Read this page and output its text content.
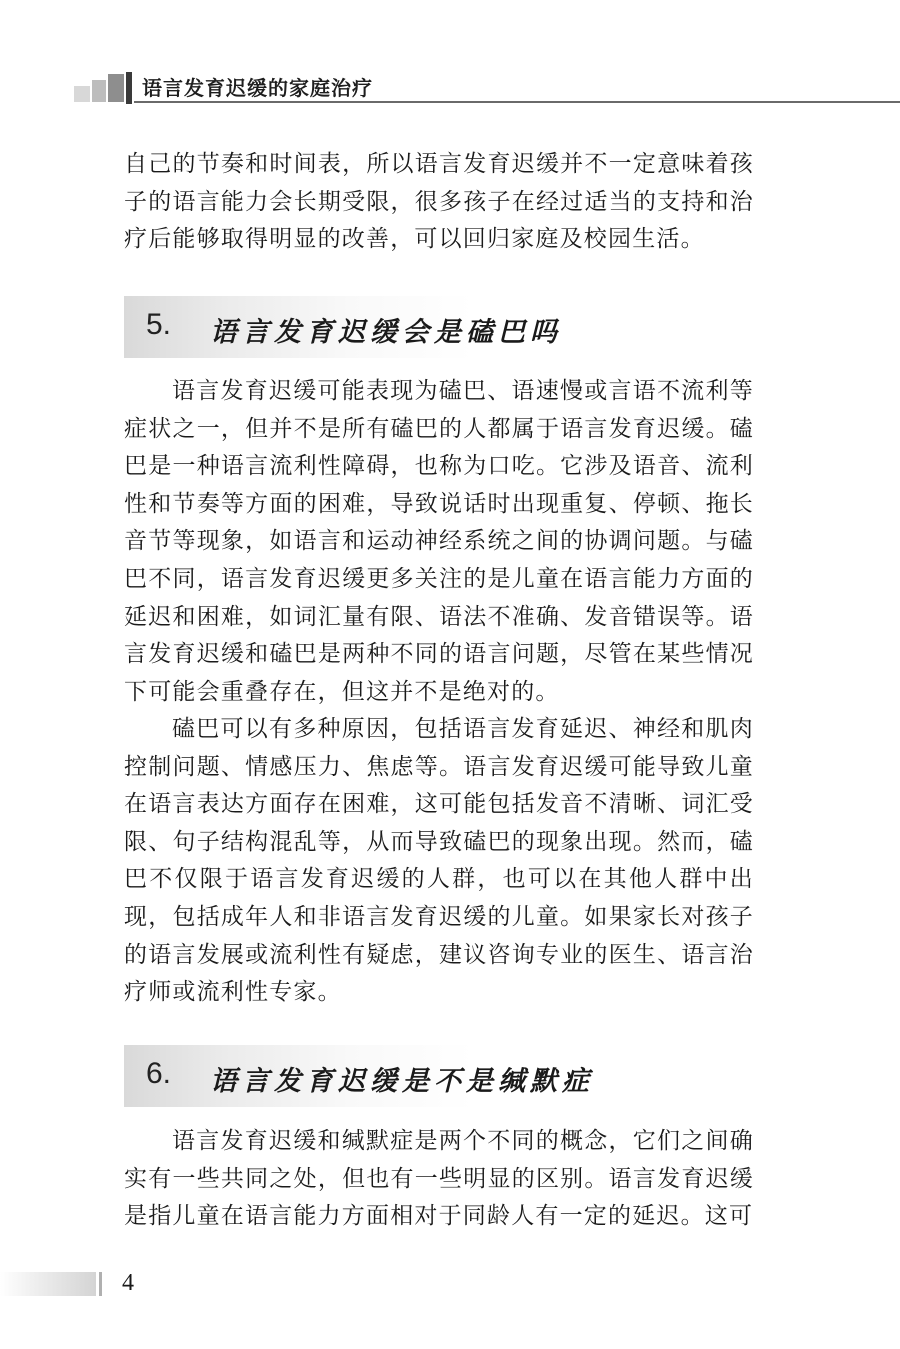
语言发育迟缓的家庭治疗

自己的节奏和时间表，所以语言发育迟缓并不一定意味着孩子的语言能力会长期受限，很多孩子在经过适当的支持和治疗后能够取得明显的改善，可以回归家庭及校园生活。

5. 语言发育迟缓会是磕巴吗

语言发育迟缓可能表现为磕巴、语速慢或言语不流利等症状之一，但并不是所有磕巴的人都属于语言发育迟缓。磕巴是一种语言流利性障碍，也称为口吃。它涉及语音、流利性和节奏等方面的困难，导致说话时出现重复、停顿、拖长音节等现象，如语言和运动神经系统之间的协调问题。与磕巴不同，语言发育迟缓更多关注的是儿童在语言能力方面的延迟和困难，如词汇量有限、语法不准确、发音错误等。语言发育迟缓和磕巴是两种不同的语言问题，尽管在某些情况下可能会重叠存在，但这并不是绝对的。

磕巴可以有多种原因，包括语言发育延迟、神经和肌肉控制问题、情感压力、焦虑等。语言发育迟缓可能导致儿童在语言表达方面存在困难，这可能包括发音不清晰、词汇受限、句子结构混乱等，从而导致磕巴的现象出现。然而，磕巴不仅限于语言发育迟缓的人群，也可以在其他人群中出现，包括成年人和非语言发育迟缓的儿童。如果家长对孩子的语言发展或流利性有疑虑，建议咨询专业的医生、语言治疗师或流利性专家。

6. 语言发育迟缓是不是缄默症

语言发育迟缓和缄默症是两个不同的概念，它们之间确实有一些共同之处，但也有一些明显的区别。语言发育迟缓是指儿童在语言能力方面相对于同龄人有一定的延迟。这可

4
